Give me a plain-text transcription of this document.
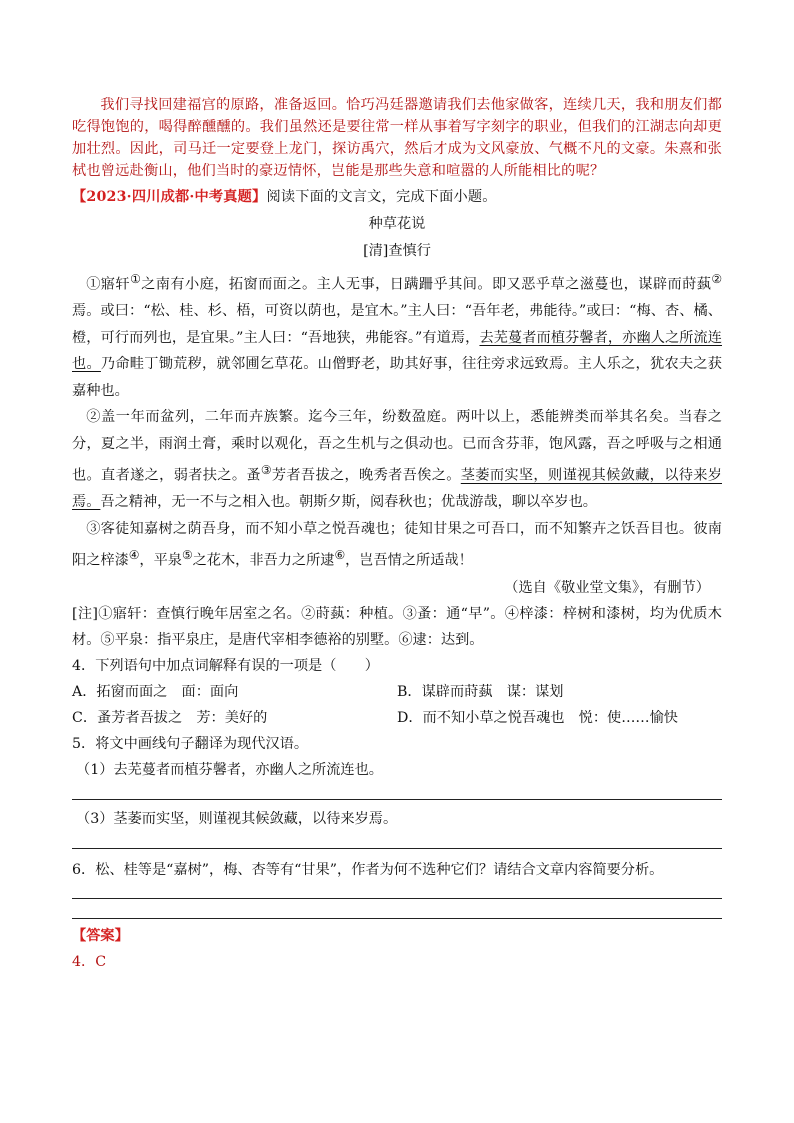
我们寻找回建福宫的原路，准备返回。恰巧冯廷器邀请我们去他家做客，连续几天，我和朋友们都吃得饱饱的，喝得醉醺醺的。我们虽然还是要往常一样从事着写字刻字的职业，但我们的江湖志向却更加壮烈。因此，司马迁一定要登上龙门，探访禹穴，然后才成为文风豪放、气概不凡的文豪。朱熹和张栻也曾远赴衡山，他们当时的豪迈情怀，岂能是那些失意和喧嚣的人所能相比的呢？

【2023·四川成都·中考真题】阅读下面的文言文，完成下面小题。

种草花说
[清]查慎行

①寤轩①之南有小庭，拓窗而面之。主人无事，日蹒跚乎其间。即又恶乎草之滋蔓也，谋辟而莳蓺②焉。或曰：“松、桂、杉、梧，可资以荫也，是宜木。”主人曰：“吾年老，弗能待。”或曰：“梅、杏、橘、橙，可行而列也，是宜果。”主人曰：“吾地狭，弗能容。”有道焉，去芜蔓者而植芬馨者，亦幽人之所流连也。乃命畦丁锄荒秽，就邻圃乞草花。山僧野老，助其好事，往往旁求远致焉。主人乐之，犹农夫之获嘉种也。

②盖一年而盆列，二年而卉族繁。迄今三年，纷数盈庭。两叶以上，悉能辨类而举其名矣。当春之分，夏之半，雨润土膏，乘时以观化，吾之生机与之俱动也。已而含芬菲，饱风露，吾之呼吸与之相通也。直者遂之，弱者扶之。蚤③芳者吾拔之，晚秀者吾俟之。茎萎而实坚，则谨视其候敛藏，以待来岁焉。吾之精神，无一不与之相入也。朝斯夕斯，阅春秋也；优哉游哉，聊以卒岁也。

③客徒知嘉树之荫吾身，而不知小草之悦吾魂也；徒知甘果之可吾口，而不知繁卉之饫吾目也。彼南阳之梓漆④，平泉⑤之花木，非吾力之所逮⑥，岂吾情之所适哉！

（选自《敬业堂文集》，有删节）

[注]①寤轩：查慎行晚年居室之名。②莳蓺：种植。③蚤：通“早”。④梓漆：梓树和漆树，均为优质木材。⑤平泉：指平泉庄，是唐代宰相李德裕的别墅。⑥逮：达到。

4．下列语句中加点词解释有误的一项是（　　）

A．拓窗而面之　面：面向	B．谋辟而莳蓺　谋：谋划
C．蚤芳者吾拔之　芳：美好的	D．而不知小草之悦吾魂也　悦：使……愉快

5．将文中画线句子翻译为现代汉语。

（1）去芜蔓者而植芬馨者，亦幽人之所流连也。

（3）茎萎而实坚，则谨视其候敛藏，以待来岁焉。

6．松、桂等是“嘉树”，梅、杏等有“甘果”，作者为何不选种它们？请结合文章内容简要分析。

【答案】

4．C
